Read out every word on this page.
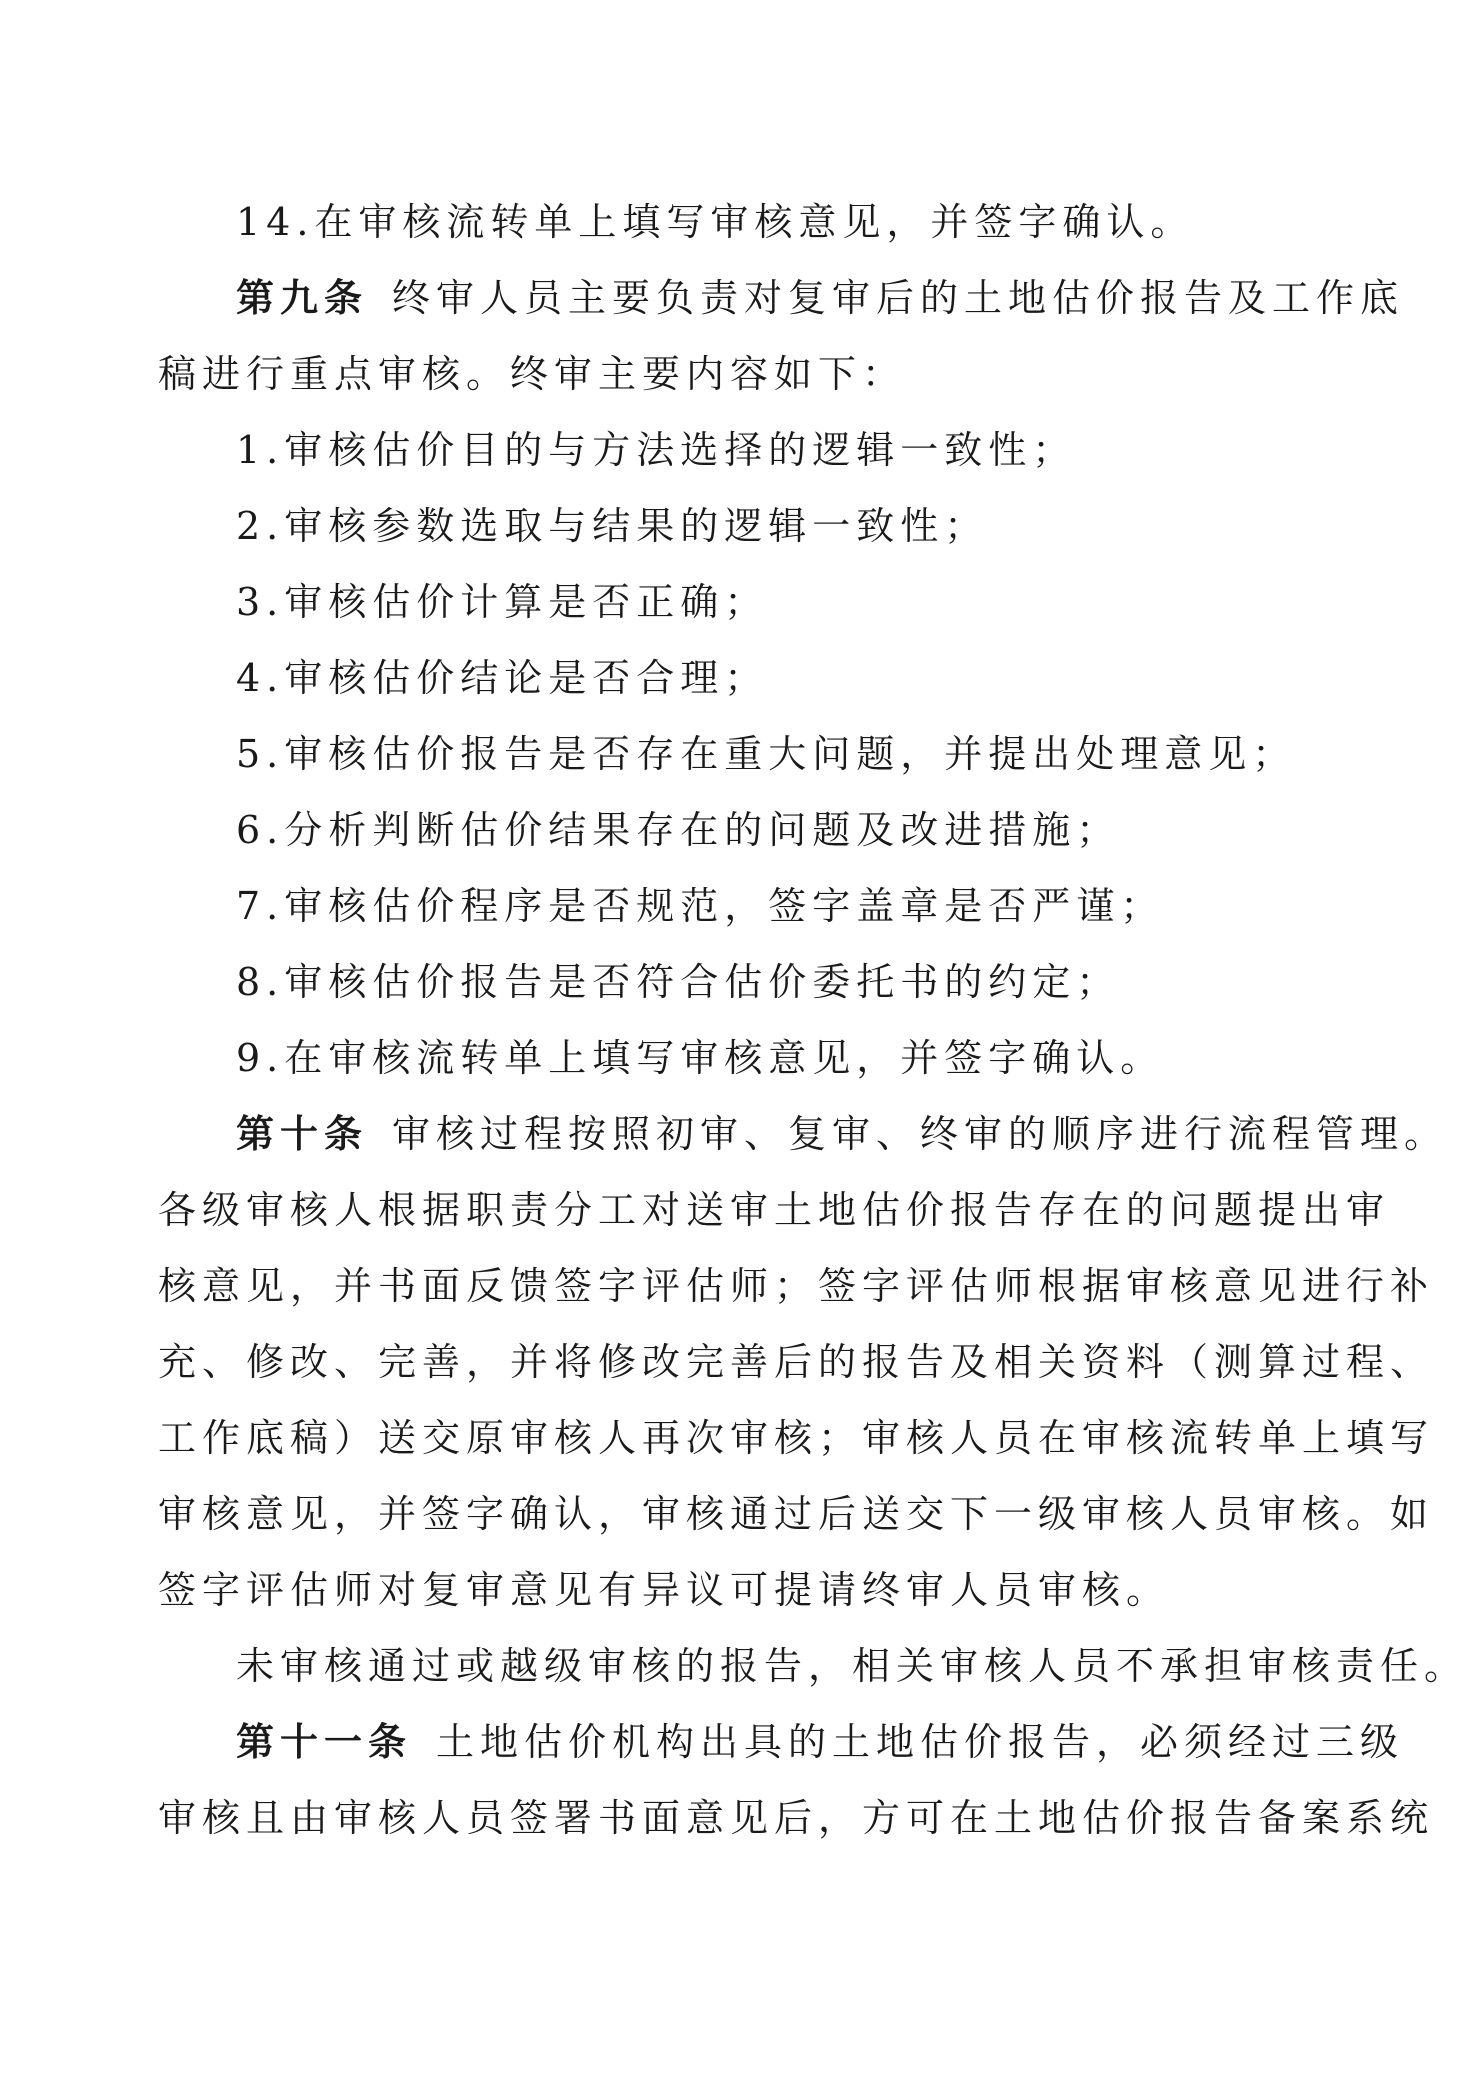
14.在审核流转单上填写审核意见，并签字确认。
第九条 终审人员主要负责对复审后的土地估价报告及工作底
稿进行重点审核。终审主要内容如下：
1.审核估价目的与方法选择的逻辑一致性；
2.审核参数选取与结果的逻辑一致性；
3.审核估价计算是否正确；
4.审核估价结论是否合理；
5.审核估价报告是否存在重大问题，并提出处理意见；
6.分析判断估价结果存在的问题及改进措施；
7.审核估价程序是否规范，签字盖章是否严谨；
8.审核估价报告是否符合估价委托书的约定；
9.在审核流转单上填写审核意见，并签字确认。
第十条 审核过程按照初审、复审、终审的顺序进行流程管理。
各级审核人根据职责分工对送审土地估价报告存在的问题提出审
核意见，并书面反馈签字评估师；签字评估师根据审核意见进行补
充、修改、完善，并将修改完善后的报告及相关资料（测算过程、
工作底稿）送交原审核人再次审核；审核人员在审核流转单上填写
审核意见，并签字确认，审核通过后送交下一级审核人员审核。如
签字评估师对复审意见有异议可提请终审人员审核。
未审核通过或越级审核的报告，相关审核人员不承担审核责任。
第十一条 土地估价机构出具的土地估价报告，必须经过三级
审核且由审核人员签署书面意见后，方可在土地估价报告备案系统
